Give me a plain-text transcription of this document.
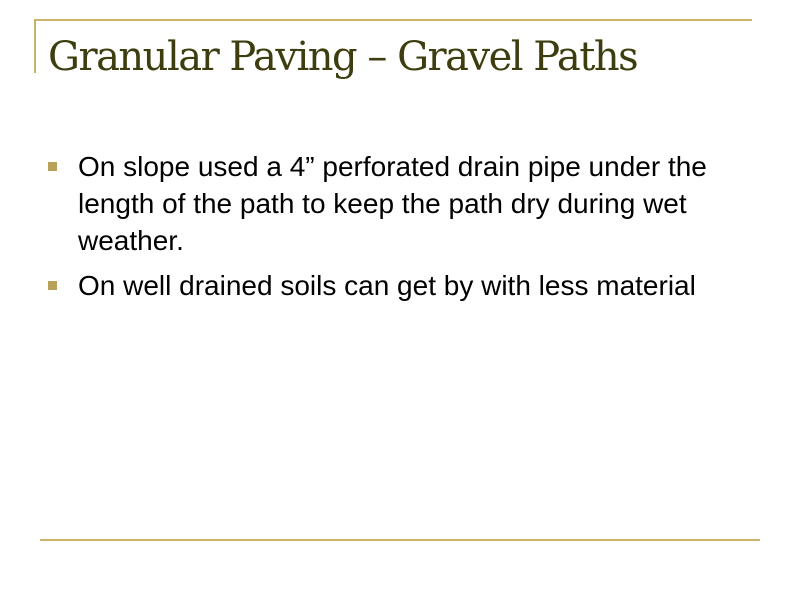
Granular Paving – Gravel Paths
On slope used a 4” perforated drain pipe under the length of the path to keep the path dry during wet weather.
On well drained soils can get by with less material
